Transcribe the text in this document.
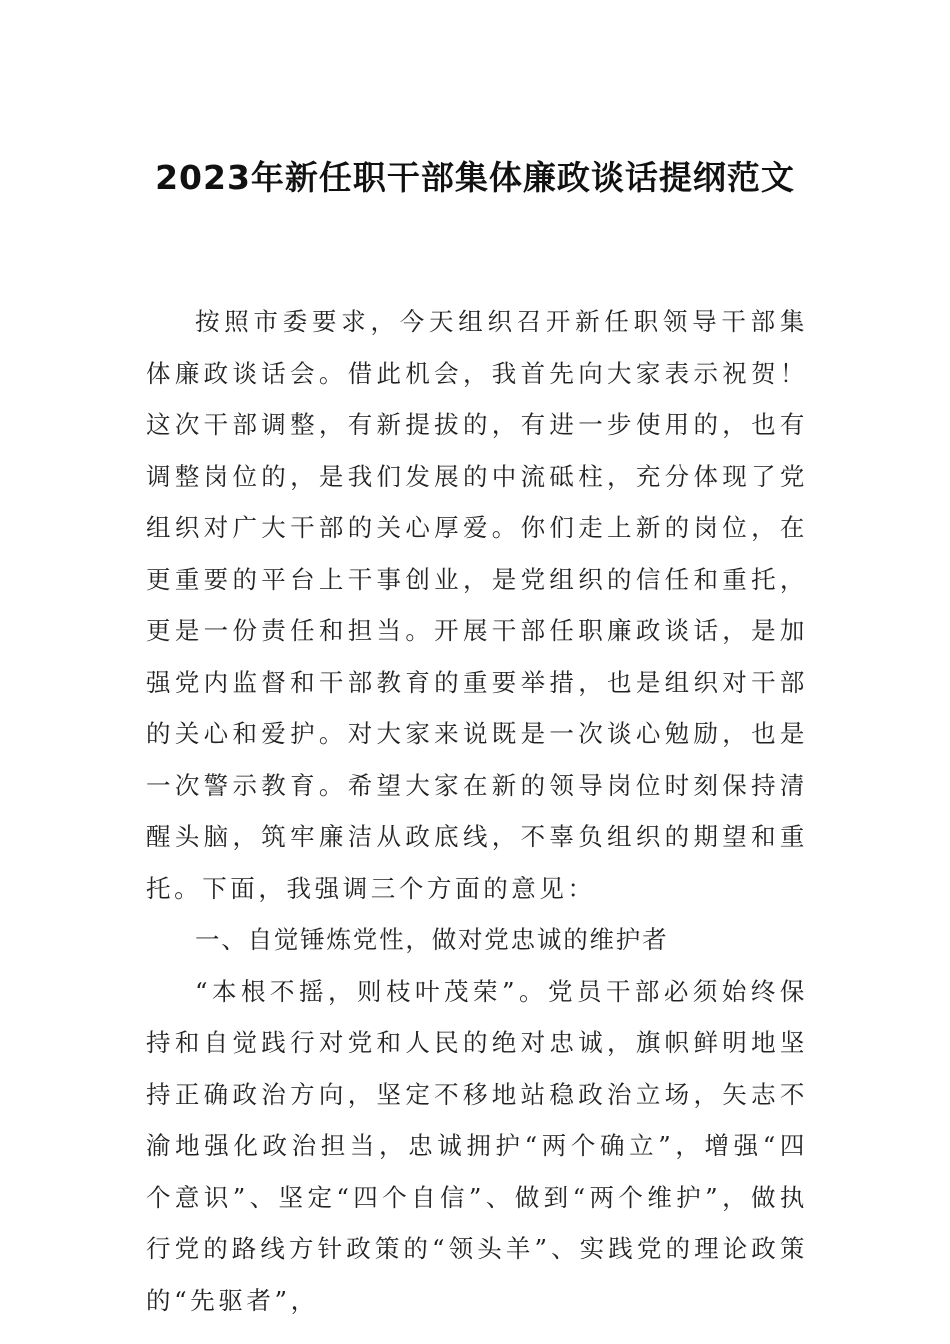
2023年新任职干部集体廉政谈话提纲范文

按照市委要求，今天组织召开新任职领导干部集体廉政谈话会。借此机会，我首先向大家表示祝贺！这次干部调整，有新提拔的，有进一步使用的，也有调整岗位的，是我们发展的中流砥柱，充分体现了党组织对广大干部的关心厚爱。你们走上新的岗位，在更重要的平台上干事创业，是党组织的信任和重托，更是一份责任和担当。开展干部任职廉政谈话，是加强党内监督和干部教育的重要举措，也是组织对干部的关心和爱护。对大家来说既是一次谈心勉励，也是一次警示教育。希望大家在新的领导岗位时刻保持清醒头脑，筑牢廉洁从政底线，不辜负组织的期望和重托。下面，我强调三个方面的意见：

一、自觉锤炼党性，做对党忠诚的维护者

“本根不摇，则枝叶茂荣”。党员干部必须始终保持和自觉践行对党和人民的绝对忠诚，旗帜鲜明地坚持正确政治方向，坚定不移地站稳政治立场，矢志不渝地强化政治担当，忠诚拥护“两个确立”，增强“四个意识”、坚定“四个自信”、做到“两个维护”，做执行党的路线方针政策的“领头羊”、实践党的理论政策的“先驱者”，
